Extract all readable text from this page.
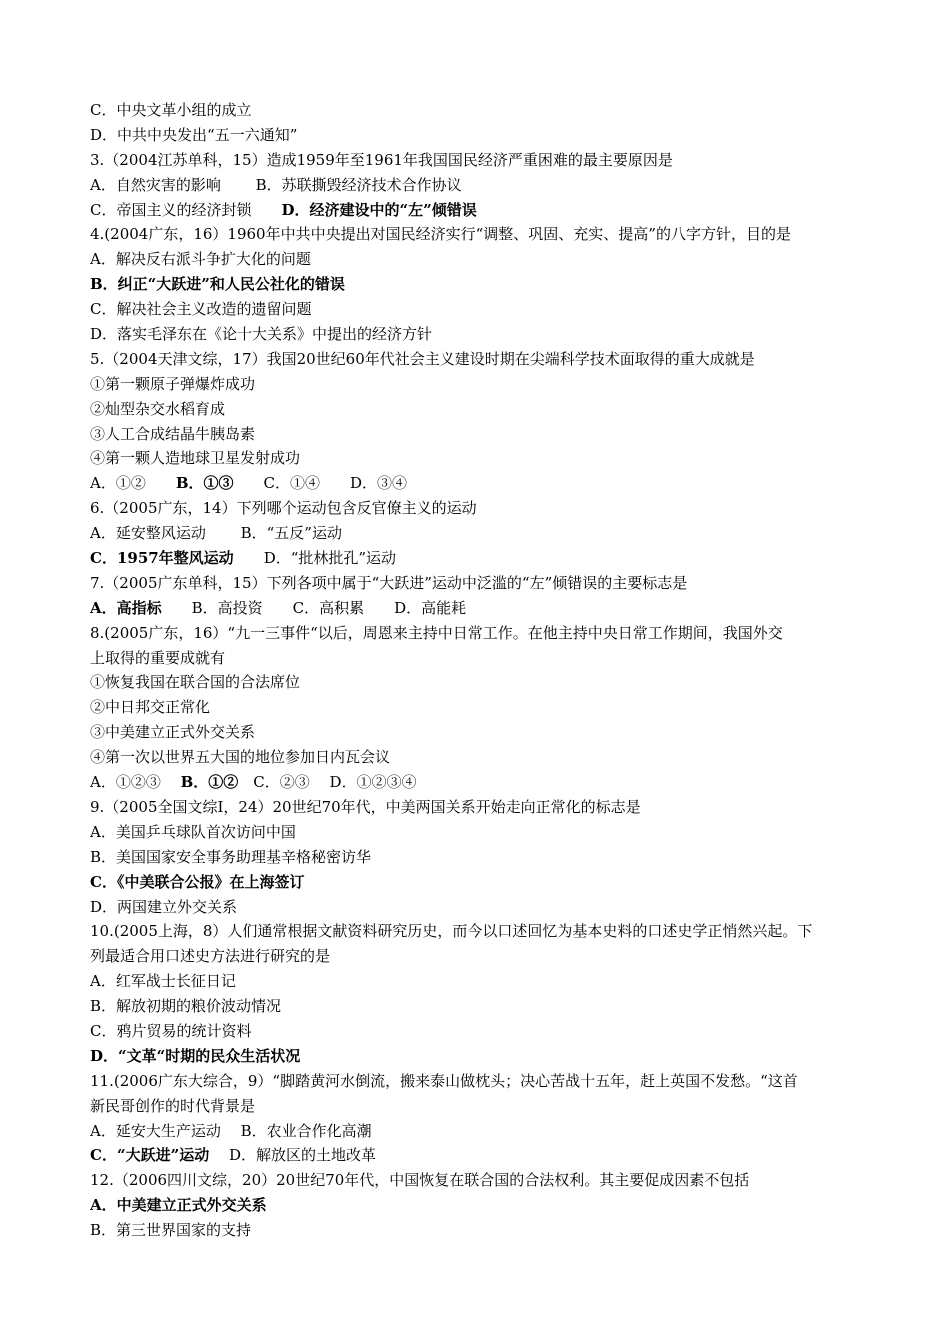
C．中央文革小组的成立
D．中共中央发出“五一六通知”
3.（2004江苏单科，15）造成1959年至1961年我国国民经济严重困难的最主要原因是
A．自然灾害的影响　　 B．苏联撕毁经济技术合作协议
C．帝国主义的经济封锁　　D．经济建设中的“左”倾错误
4.(2004广东，16）1960年中共中央提出对国民经济实行“调整、巩固、充实、提高”的八字方针，目的是
A．解决反右派斗争扩大化的问题
B．纠正“大跃进”和人民公社化的错误
C．解决社会主义改造的遗留问题
D．落实毛泽东在《论十大关系》中提出的经济方针
5.（2004天津文综，17）我国20世纪60年代社会主义建设时期在尖端科学技术面取得的重大成就是
①第一颗原子弹爆炸成功
②灿型杂交水稻育成
③人工合成结晶牛胰岛素
④第一颗人造地球卫星发射成功
A．①②　　B．①③　　C．①④　　D．③④
6.（2005广东，14）下列哪个运动包含反官僚主义的运动
A．延安整风运动　　 B．“五反”运动
C．1957年整风运动　　D．“批林批孔”运动
7.（2005广东单科，15）下列各项中属于“大跃进”运动中泛滥的“左”倾错误的主要标志是
A．高指标　　B．高投资　　C．高积累　　D．高能耗
8.(2005广东，16）“九一三事件“以后，周恩来主持中日常工作。在他主持中央日常工作期间，我国外交
上取得的重要成就有
①恢复我国在联合国的合法席位
②中日邦交正常化
③中美建立正式外交关系
④第一次以世界五大国的地位参加日内瓦会议
A．①②③　 B．①②　C．②③　 D．①②③④
9.（2005全国文综Ⅰ，24）20世纪70年代，中美两国关系开始走向正常化的标志是
A．美国乒乓球队首次访问中国
B．美国国家安全事务助理基辛格秘密访华
C．《中美联合公报》在上海签订
D．两国建立外交关系
10.(2005上海，8）人们通常根据文献资料研究历史，而今以口述回忆为基本史料的口述史学正悄然兴起。下
列最适合用口述史方法进行研究的是
A．红军战士长征日记
B．解放初期的粮价波动情况
C．鸦片贸易的统计资料
D．“文革“时期的民众生活状况
11.(2006广东大综合，9）“脚踏黄河水倒流，搬来泰山做枕头；决心苦战十五年，赶上英国不发愁。“这首
新民哥创作的时代背景是
A．延安大生产运动　 B．农业合作化高潮
C．“大跃进”运动　 D．解放区的土地改革
12.（2006四川文综，20）20世纪70年代，中国恢复在联合国的合法权利。其主要促成因素不包括
A．中美建立正式外交关系
B．第三世界国家的支持
